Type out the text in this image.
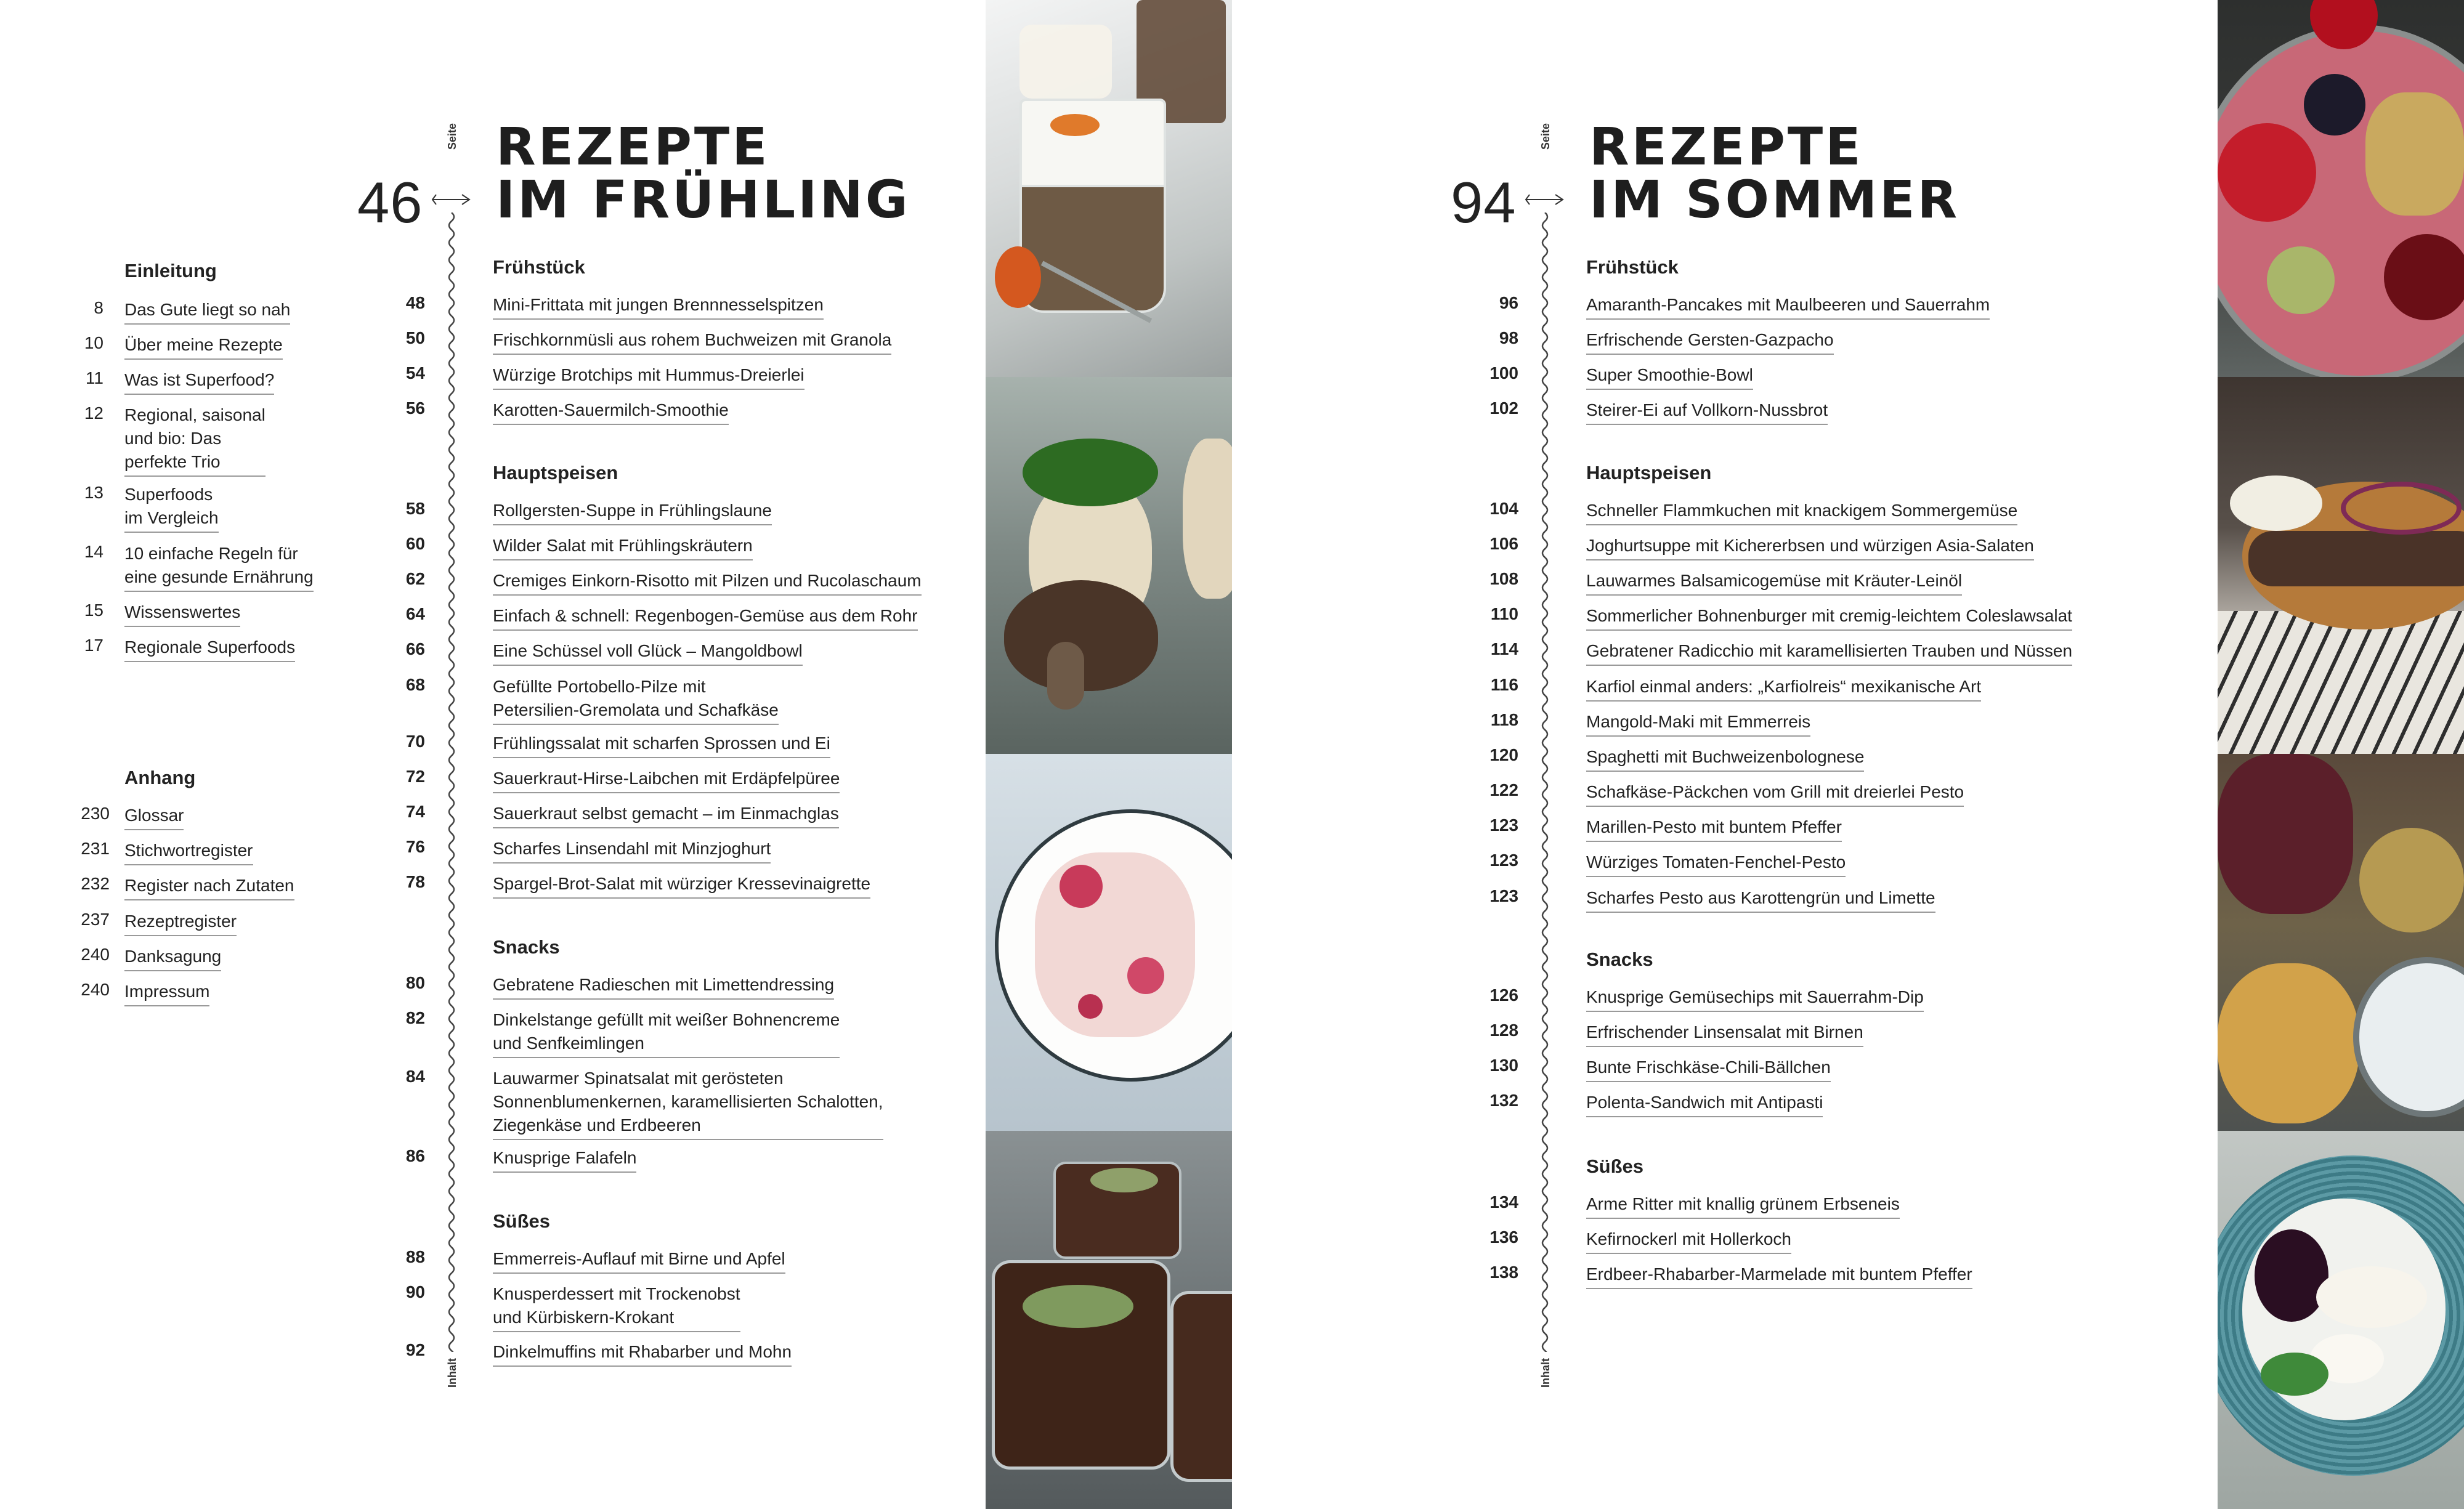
Seite
46
REZEPTE
IM FRÜHLING
Inhalt
Seite
94
REZEPTE
IM SOMMER
Inhalt
Einleitung
8 Das Gute liegt so nah
10 Über meine Rezepte
11 Was ist Superfood?
12 Regional, saisonal
und bio: Das
perfekte Trio
13 Superfoods
im Vergleich
14 10 einfache Regeln für
eine gesunde Ernährung
15 Wissenswertes
17 Regionale Superfoods
Anhang
230 Glossar
231 Stichwortregister
232 Register nach Zutaten
237 Rezeptregister
240 Danksagung
240 Impressum
Frühstück
48	Mini-Frittata mit jungen Brennnesselspitzen
50	Frischkornmüsli aus rohem Buchweizen mit Granola
54	Würzige Brotchips mit Hummus-Dreierlei
56	Karotten-Sauermilch-Smoothie
Hauptspeisen
58	Rollgersten-Suppe in Frühlingslaune
60	Wilder Salat mit Frühlingskräutern
62	Cremiges Einkorn-Risotto mit Pilzen und Rucolaschaum
64	Einfach & schnell: Regenbogen-Gemüse aus dem Rohr
66	Eine Schüssel voll Glück – Mangoldbowl
68	Gefüllte Portobello-Pilze mit
Petersilien-Gremolata und Schafkäse
70	Frühlingssalat mit scharfen Sprossen und Ei
72	Sauerkraut-Hirse-Laibchen mit Erdäpfelpüree
74	Sauerkraut selbst gemacht – im Einmachglas
76	Scharfes Linsendahl mit Minzjoghurt
78	Spargel-Brot-Salat mit würziger Kressevinaigrette
Snacks
80	Gebratene Radieschen mit Limettendressing
82	Dinkelstange gefüllt mit weißer Bohnencreme
und Senfkeimlingen
84	Lauwarmer Spinatsalat mit gerösteten
Sonnenblumenkernen, karamellisierten Schalotten,
Ziegenkäse und Erdbeeren
86	Knusprige Falafeln
Süßes
88	Emmerreis-Auflauf mit Birne und Apfel
90	Knusperdessert mit Trockenobst
und Kürbiskern-Krokant
92	Dinkelmuffins mit Rhabarber und Mohn
Frühstück
96	Amaranth-Pancakes mit Maulbeeren und Sauerrahm
98	Erfrischende Gersten-Gazpacho
100	Super Smoothie-Bowl
102	Steirer-Ei auf Vollkorn-Nussbrot
Hauptspeisen
104	Schneller Flammkuchen mit knackigem Sommergemüse
106	Joghurtsuppe mit Kichererbsen und würzigen Asia-Salaten
108	Lauwarmes Balsamicogemüse mit Kräuter-Leinöl
110	Sommerlicher Bohnenburger mit cremig-leichtem Coleslawsalat
114	Gebratener Radicchio mit karamellisierten Trauben und Nüssen
116	Karfiol einmal anders: „Karfiolreis“ mexikanische Art
118	Mangold-Maki mit Emmerreis
120	Spaghetti mit Buchweizenbolognese
122	Schafkäse-Päckchen vom Grill mit dreierlei Pesto
123	Marillen-Pesto mit buntem Pfeffer
123	Würziges Tomaten-Fenchel-Pesto
123	Scharfes Pesto aus Karottengrün und Limette
Snacks
126	Knusprige Gemüsechips mit Sauerrahm-Dip
128	Erfrischender Linsensalat mit Birnen
130	Bunte Frischkäse-Chili-Bällchen
132	Polenta-Sandwich mit Antipasti
Süßes
134	Arme Ritter mit knallig grünem Erbseneis
136	Kefirnockerl mit Hollerkoch
138	Erdbeer-Rhabarber-Marmelade mit buntem Pfeffer
